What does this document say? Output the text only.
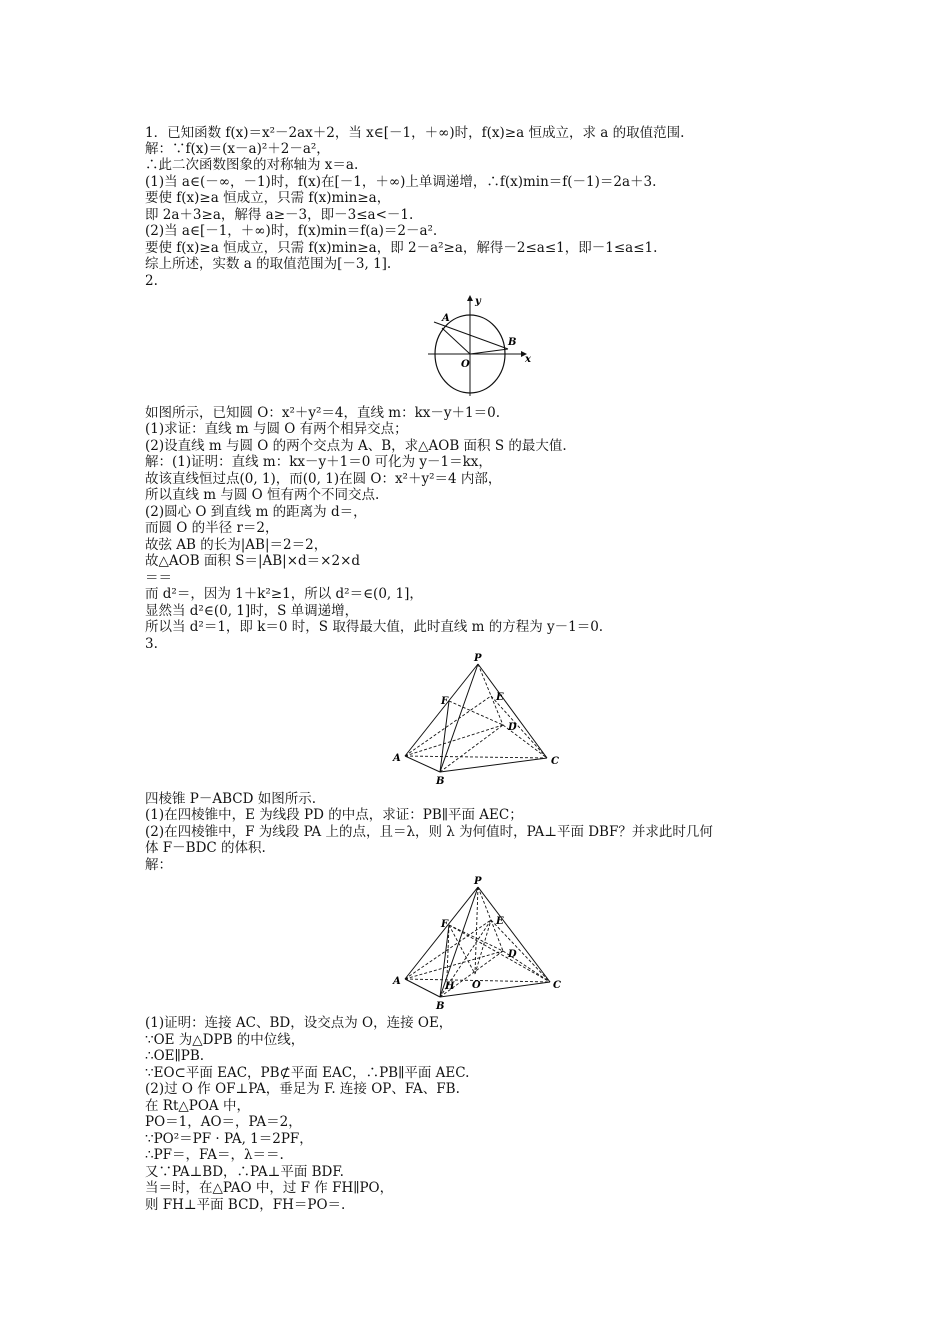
1．已知函数 f(x)＝x²－2ax＋2，当 x∈[－1，＋∞)时，f(x)≥a 恒成立，求 a 的取值范围.
解：∵f(x)＝(x－a)²＋2－a²，
∴此二次函数图象的对称轴为 x＝a.
(1)当 a∈(－∞，－1)时，f(x)在[－1，＋∞)上单调递增，∴f(x)min＝f(－1)＝2a＋3.
要使 f(x)≥a 恒成立，只需 f(x)min≥a，
即 2a＋3≥a，解得 a≥－3，即－3≤a<－1.
(2)当 a∈[－1，＋∞)时，f(x)min＝f(a)＝2－a².
要使 f(x)≥a 恒成立，只需 f(x)min≥a，即 2－a²≥a，解得－2≤a≤1，即－1≤a≤1.
综上所述，实数 a 的取值范围为[－3, 1].
2.
y
A
B
O	x
如图所示，已知圆 O：x²＋y²＝4，直线 m：kx－y＋1＝0.
(1)求证：直线 m 与圆 O 有两个相异交点；
(2)设直线 m 与圆 O 的两个交点为 A、B，求△AOB 面积 S 的最大值.
解：(1)证明：直线 m：kx－y＋1＝0 可化为 y－1＝kx，
故该直线恒过点(0, 1)，而(0, 1)在圆 O：x²＋y²＝4 内部，
所以直线 m 与圆 O 恒有两个不同交点.
(2)圆心 O 到直线 m 的距离为 d＝，
而圆 O 的半径 r＝2，
故弦 AB 的长为|AB|＝2＝2，
故△AOB 面积 S＝|AB|×d＝×2×d
＝＝
而 d²＝，因为 1＋k²≥1，所以 d²＝∈(0, 1]，
显然当 d²∈(0, 1]时，S 单调递增，
所以当 d²＝1，即 k＝0 时，S 取得最大值，此时直线 m 的方程为 y－1＝0.
3.
P
F	E
D
A	C
B
四棱锥 P－ABCD 如图所示.
(1)在四棱锥中，E 为线段 PD 的中点，求证：PB∥平面 AEC；
(2)在四棱锥中，F 为线段 PA 上的点，且＝λ，则 λ 为何值时，PA⊥平面 DBF？并求此时几何
体 F－BDC 的体积.
解：
P
F	E
D
A	C
H O
B
(1)证明：连接 AC、BD，设交点为 O，连接 OE，
∵OE 为△DPB 的中位线，
∴OE∥PB.
∵EO⊂平面 EAC，PB⊄平面 EAC，∴PB∥平面 AEC.
(2)过 O 作 OF⊥PA，垂足为 F. 连接 OP、FA、FB.
在 Rt△POA 中，
PO＝1，AO＝，PA＝2，
∵PO²＝PF · PA, 1＝2PF，
∴PF＝，FA＝，λ＝＝.
又∵PA⊥BD，∴PA⊥平面 BDF.
当＝时，在△PAO 中，过 F 作 FH∥PO，
则 FH⊥平面 BCD，FH＝PO＝.
